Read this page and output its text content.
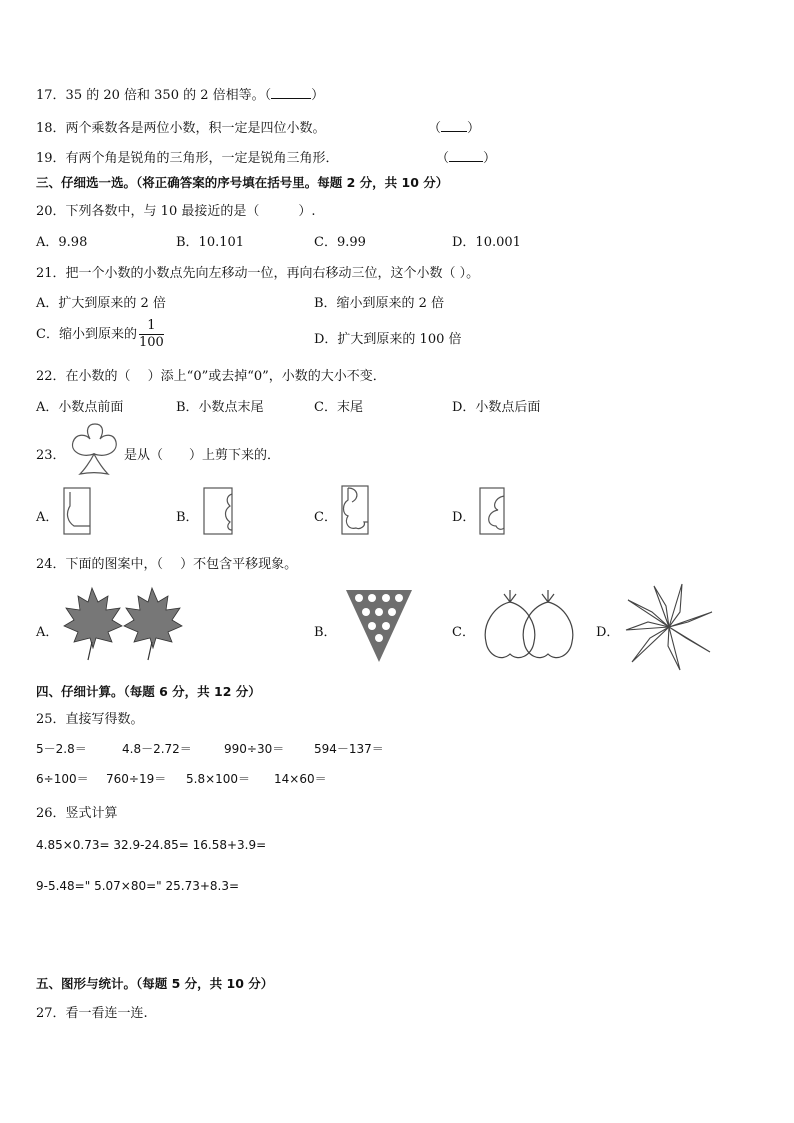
17．35 的 20 倍和 350 的 2 倍相等。（	）
18．两个乘数各是两位小数，积一定是四位小数。	（ ）
19．有两个角是锐角的三角形，一定是锐角三角形．	（	）
三、仔细选一选。（将正确答案的序号填在括号里。每题 2 分，共 10 分）
20．下列各数中，与 10 最接近的是（　　　）.
A．9.98	B．10.101	C．9.99	D．10.001
21．把一个小数的小数点先向左移动一位，再向右移动三位，这个小数（ ）。
A．扩大到原来的 2 倍	B．缩小到原来的 2 倍
C．缩小到原来的 $\frac{1}{100}$	D．扩大到原来的 100 倍
22．在小数的（　 ）添上“0”或去掉“0”，小数的大小不变．
A．小数点前面	B．小数点末尾	C．末尾	D．小数点后面
23．	是从（　　）上剪下来的．
A．	B．	C．	D．
24．下面的图案中，（　 ）不包含平移现象。
A．	B．	C．	D．
四、仔细计算。（每题 6 分，共 12 分）
25．直接写得数。
5－2.8＝	4.8－2.72＝	990÷30＝ 594－137＝
6÷100＝ 760÷19＝ 5.8×100＝ 14×60＝
26．竖式计算
4.85×0.73= 32.9-24.85= 16.58+3.9=
9-5.48=" 5.07×80=" 25.73+8.3=
五、图形与统计。（每题 5 分，共 10 分）
27．看一看连一连.
